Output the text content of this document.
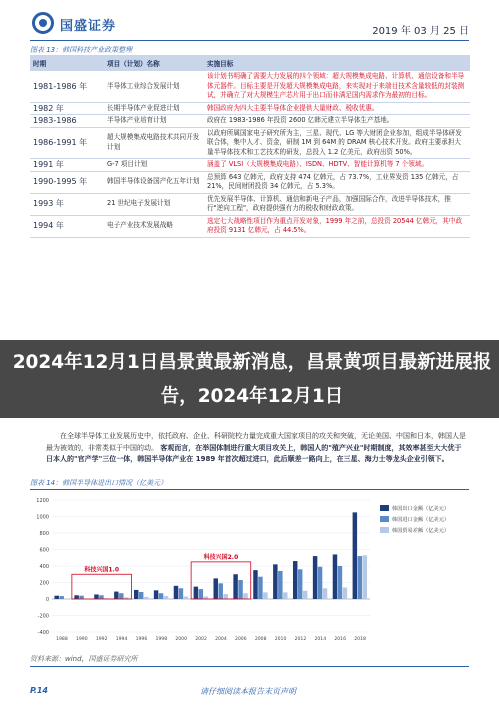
国盛证券	2019 年 03 月 25 日
图表 13：韩国科技产业政策整理
时期	项目（计划）名称	实施目标
1981-1986 年	半导体工业综合发展计划	该计划书明确了需要大力发展的四个领域：超大规模集成电路、计算机、通信设备和半导体元器件。目标主要是开发超大规模集成电路，来实现对于来端目技术含量较低的封装测试，并确立了对大规模生产芯片用于出口而非满足国内需求作为最初的目标。
1982 年	长期半导体产业促进计划	韩国政府为四大主要半导体企业提供大量财政、税收优惠。
1983-1986	半导体产业培育计划	政府在 1983-1986 年投资 2600 亿韩元建立半导体生产基地。
1986-1991 年	超大规模集成电路技术共同开发计划	以政府所属国家电子研究所为主，三星、现代、LG 等大财团企业参加，组成半导体研发联合体，集中人才、资金，研制 1M 到 64M 的 DRAM 核心技术开发。政府主要承担大量半导体技术和工艺技术的研发，总投入 1.2 亿美元，政府出资 50%。
1991 年	G-7 项目计划	涵盖了 VLSI（大规模集成电路）、ISDN、HDTV、智能计算机等 7 个领域。
1990-1995 年	韩国半导体设备国产化五年计划	总预算 643 亿韩元，政府支持 474 亿韩元，占 73.7%，工业界发资 135 亿韩元，占 21%，民间财团投资 34 亿韩元，占 5.3%。
1993 年	21 世纪电子发展计划	优先发展半导体、计算机、通信和新电子产品，加强国际合作，改进半导体技术，推行"逆向工程"，政府提供强有力的税收和财政政策。
1994 年	电子产业技术发展战略	选定七大战略性项目作为重点开发对象，1999 年之前，总投资 20544 亿韩元，其中政府投资 9131 亿韩元，占 44.5%。
2024年12月1日昌景黄最新消息，昌景黄项目最新进展报告，2024年12月1日
在全球半导体工业发展历史中，依托政府、企业、科研院校力量完成重大国家项目的攻关和突破，无论美国、中国和日本，韩国人是最为被效的，非常类似于中国的动。 客观而言，在举国体制进行重大项目攻关上，韩国人的"殖产兴业"时期制度，其效率甚至大大优于日本人的"官产学"三位一体，韩国半导体产业在 1989 年首次超过进口，此后顺差一路向上，在三星、海力士等龙头企业引领下。
图表 14：韩国半导体进出口情况（亿美元）
-400
-200
0
200
400
600
800
1000
1200
1988 1990 1992 1994 1996 1998 2000 2002 2004 2006 2008 2010 2012 2014 2016 2018
科技兴国1.0
科技兴国2.0
韩国出口金额（亿美元）
韩国进口金额（亿美元）
韩国贸易差额（亿美元）
资料来源：wind，国盛证券研究所
P.14	请仔细阅读本报告末页声明
